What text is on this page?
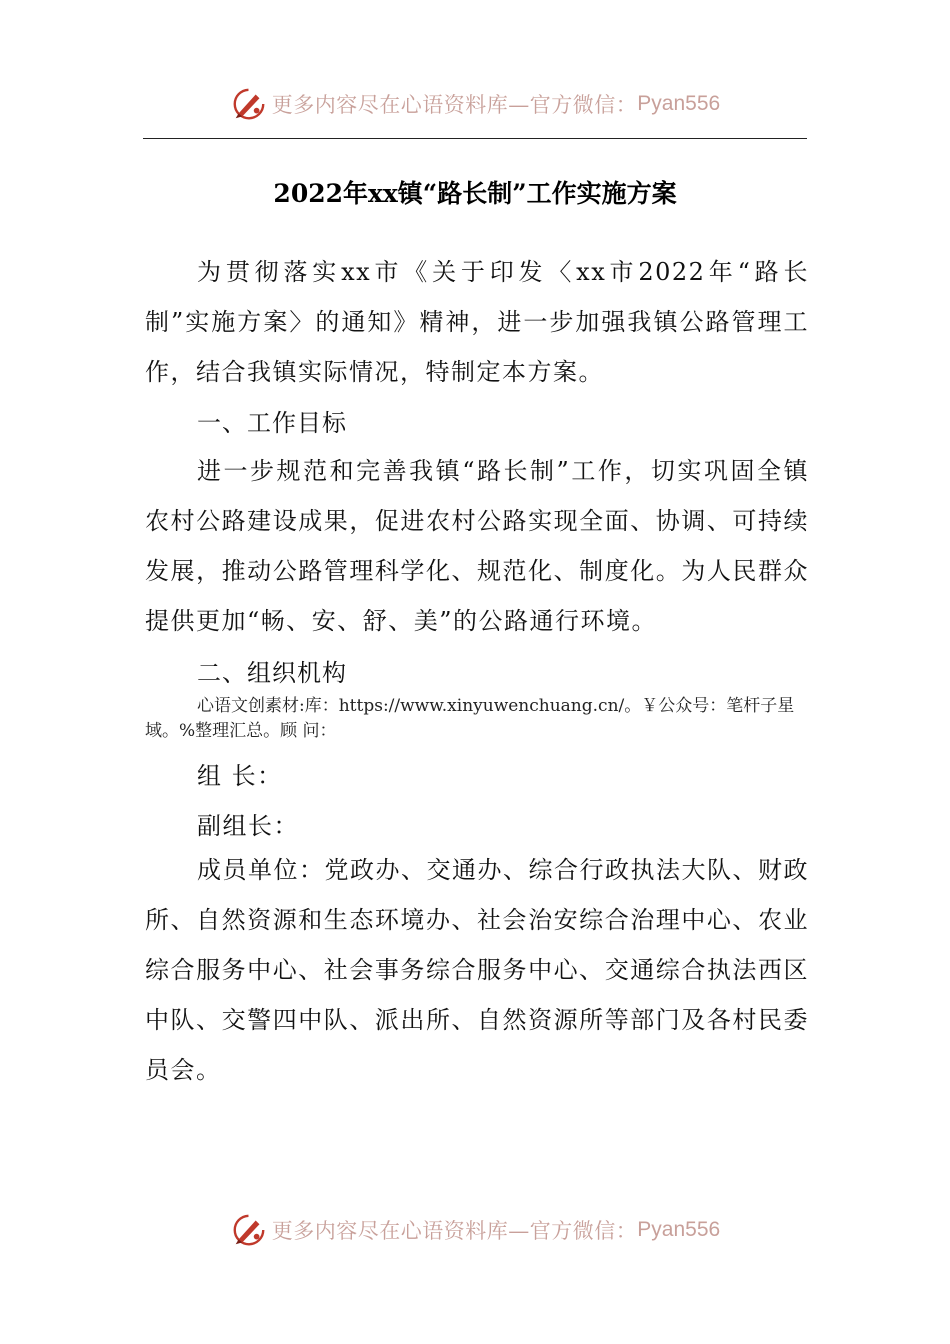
更多内容尽在心语资料库—官方微信： Pyan556
2022年xx镇“路长制”工作实施方案

为贯彻落实xx市《关于印发〈xx市2022年“路长制”实施方案〉的通知》精神，进一步加强我镇公路管理工作，结合我镇实际情况，特制定本方案。

一、工作目标

进一步规范和完善我镇“路长制”工作，切实巩固全镇农村公路建设成果，促进农村公路实现全面、协调、可持续发展，推动公路管理科学化、规范化、制度化。为人民群众提供更加“畅、安、舒、美”的公路通行环境。

二、组织机构

心语文创素材:库：https://www.xinyuwenchuang.cn/。￥公众号：笔杆子星域。%整理汇总。顾 问：

组 长：

副组长：

成员单位：党政办、交通办、综合行政执法大队、财政所、自然资源和生态环境办、社会治安综合治理中心、农业综合服务中心、社会事务综合服务中心、交通综合执法西区中队、交警四中队、派出所、自然资源所等部门及各村民委员会。

更多内容尽在心语资料库—官方微信： Pyan556
